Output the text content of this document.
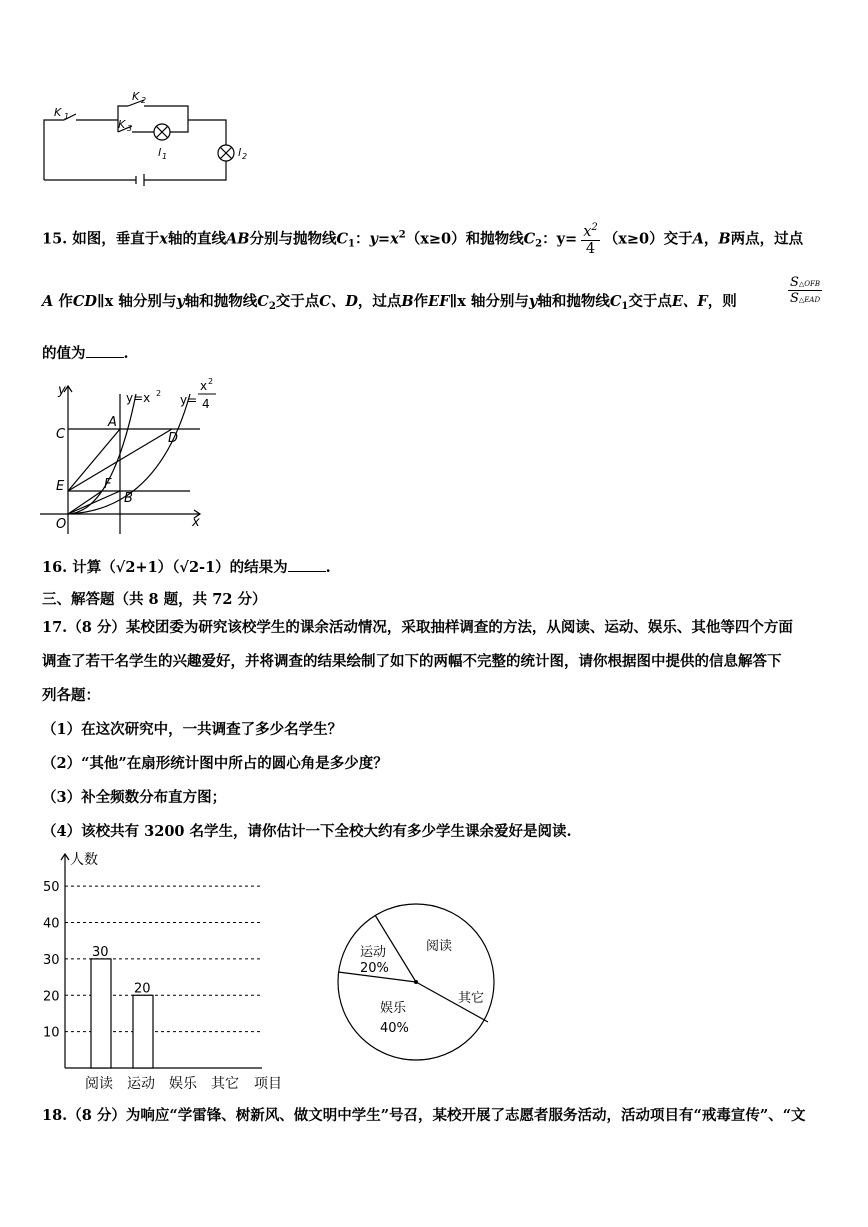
K 1
K 2
K 3
l 1	l 2
15. 如图，垂直于x轴的直线AB分别与抛物线$C_1$：$y=x^2(x\ge 0)$和抛物线$C_2$：$y= \frac{x^2}{4} (x\ge 0)$交于A，B两点，过点
A 作CD∥x 轴分别与y轴和抛物线$C_2$交于点C、D，过点B作EF∥x 轴分别与y轴和抛物线$C_1$交于点E、F，则
S△OFB
S△EAD
的值为	.
y
x
C
A
D
E	F
B
O
y=x 2 y=
x 2
4
16. 计算（√2+1）（√2-1）的结果为	.
三、解答题（共 8 题，共 72 分）
17.（8 分）某校团委为研究该校学生的课余活动情况，采取抽样调查的方法，从阅读、运动、娱乐、其他等四个方面
调查了若干名学生的兴趣爱好，并将调查的结果绘制了如下的两幅不完整的统计图，请你根据图中提供的信息解答下
列各题：
（1）在这次研究中，一共调查了多少名学生？
（2）“其他”在扇形统计图中所占的圆心角是多少度？
（3）补全频数分布直方图；
（4）该校共有 3200 名学生，请你估计一下全校大约有多少学生课余爱好是阅读.
人数
项目
10
20
30
40
50
30
20
阅读 运动 娱乐 其它
阅读
运动
20%
娱乐
40%
其它
18.（8 分）为响应“学雷锋、树新风、做文明中学生”号召，某校开展了志愿者服务活动，活动项目有“戒毒宣传”、“文
